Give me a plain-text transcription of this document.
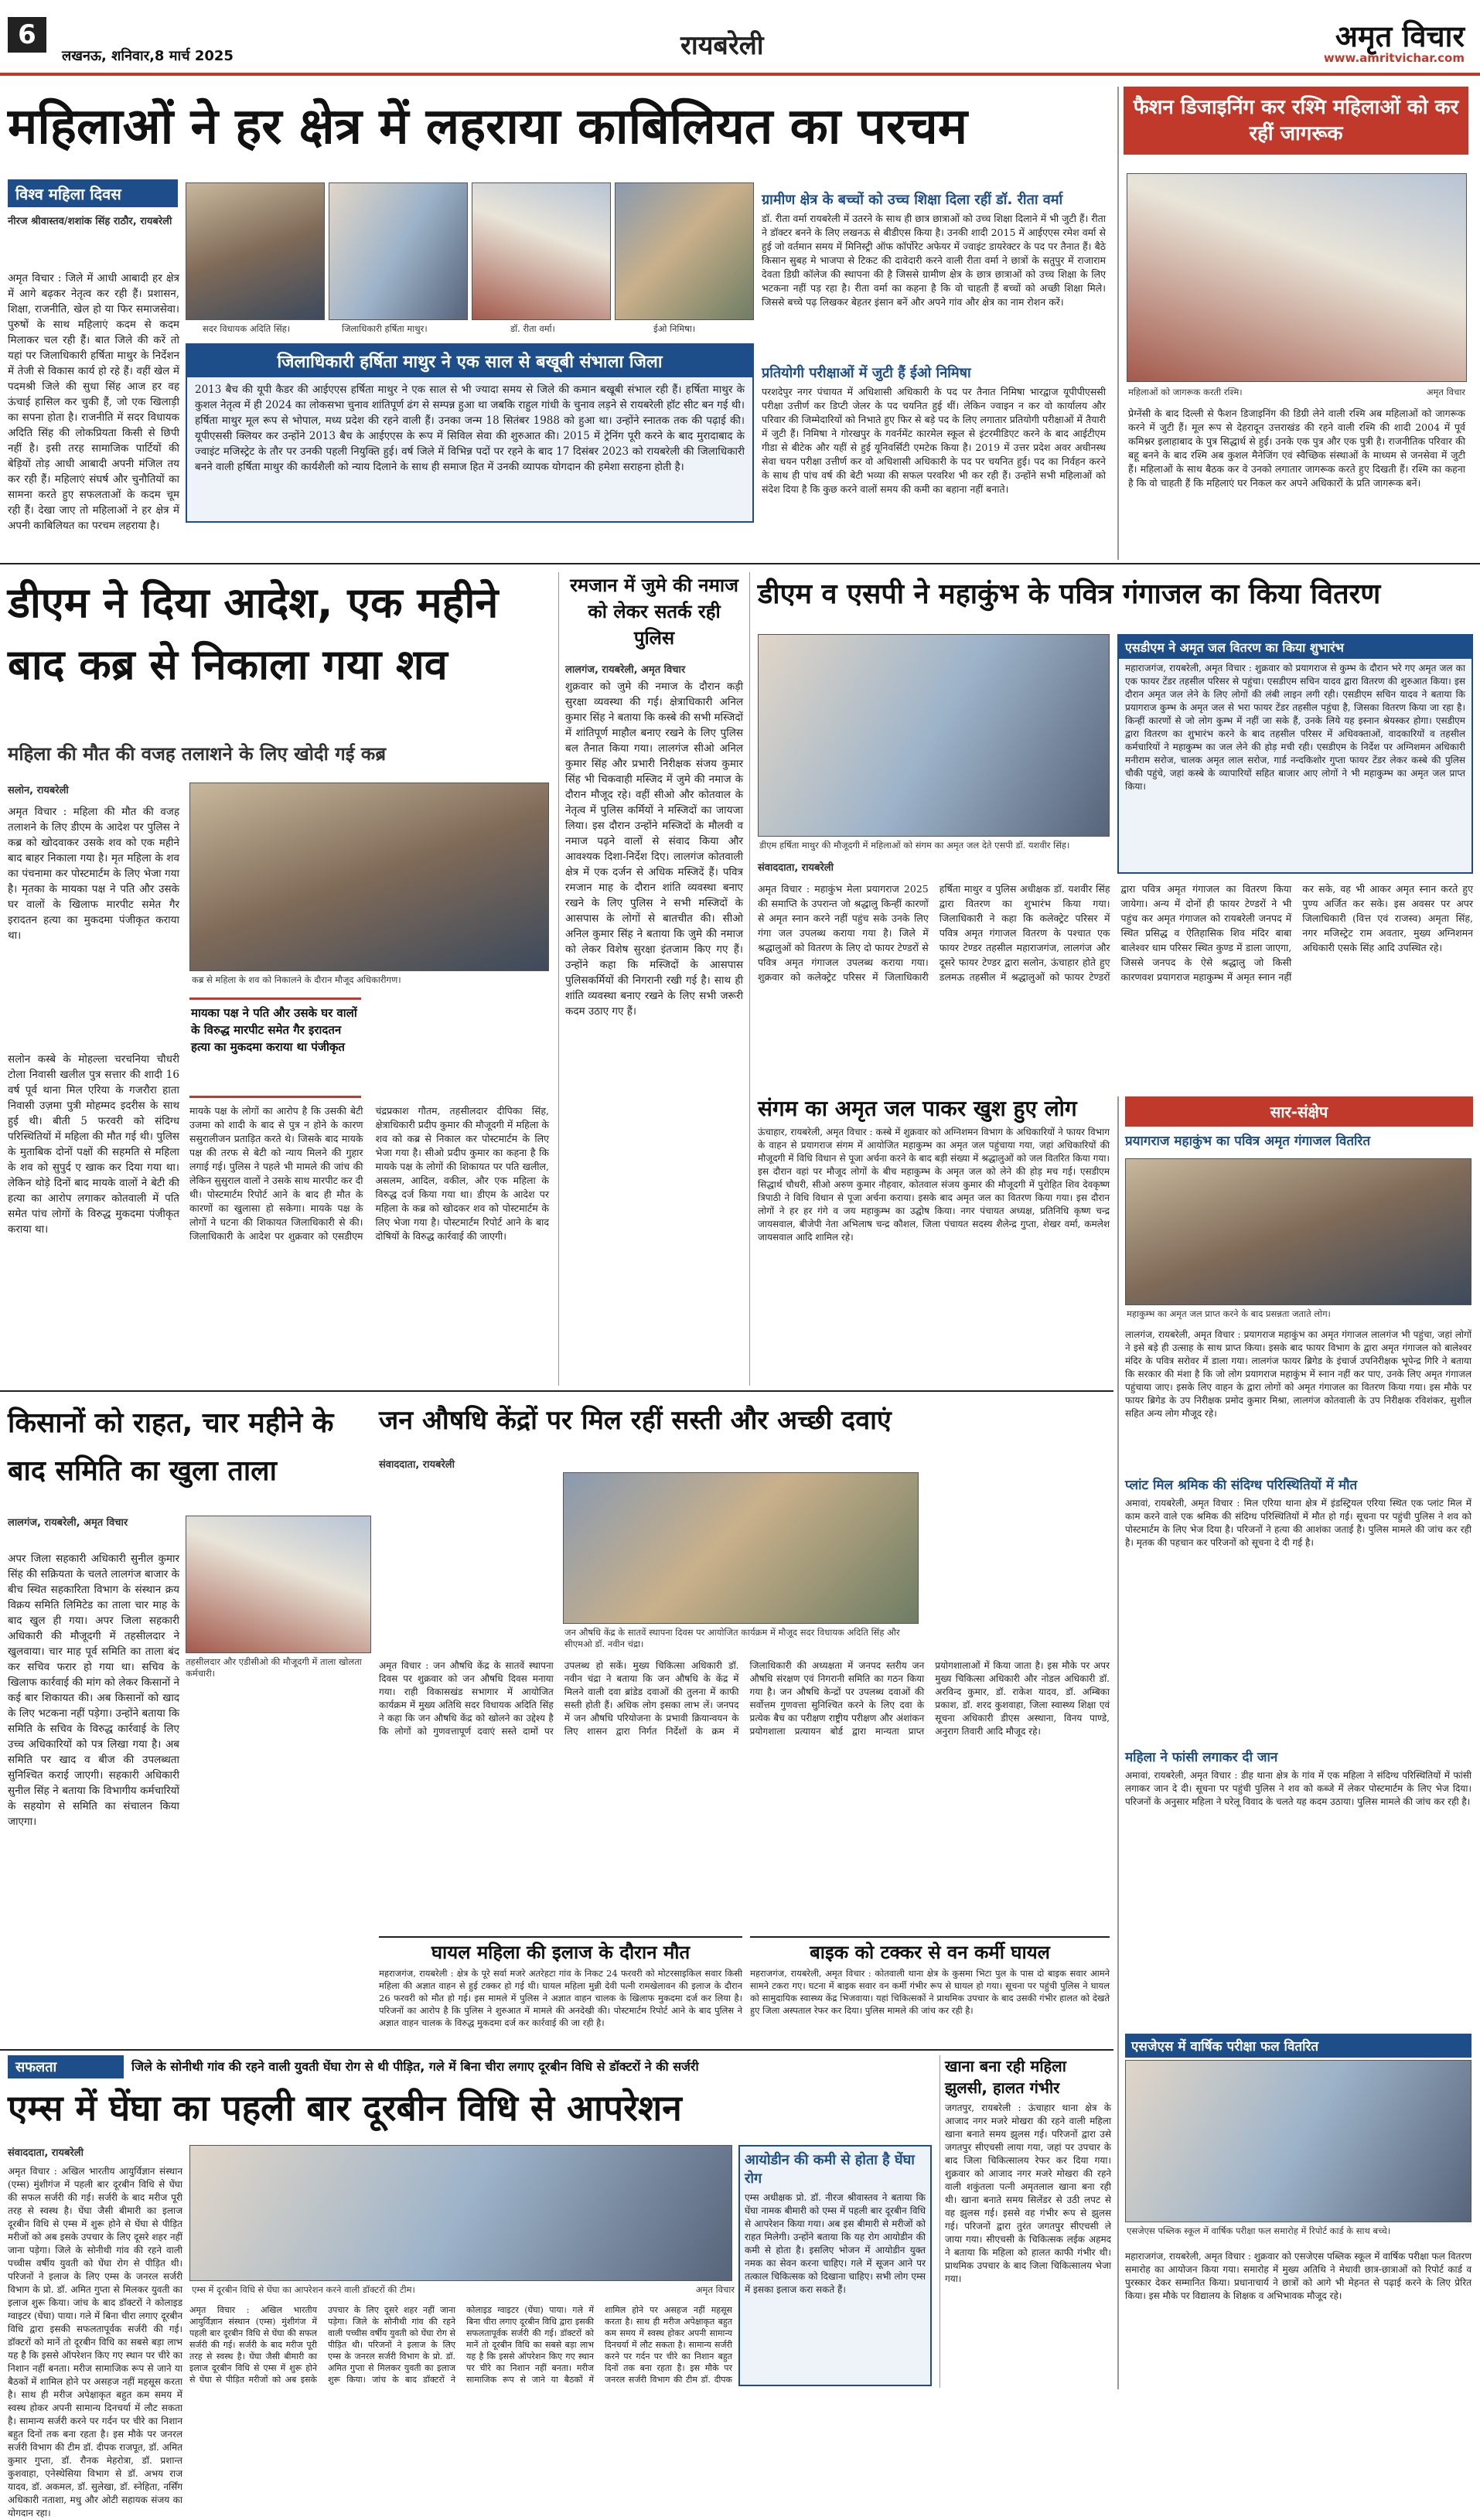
6
लखनऊ, शनिवार,8 मार्च 2025	रायबरेली	अमृत विचार
www.amritvichar.com
महिलाओं ने हर क्षेत्र में लहराया काबिलियत का परचम
विश्व महिला दिवस
नीरज श्रीवास्तव/शशांक सिंह राठौर, रायबरेली
अमृत विचार : जिले में आधी आबादी हर क्षेत्र में आगे बढ़कर नेतृत्व कर रही हैं। प्रशासन, शिक्षा, राजनीति, खेल हो या फिर समाजसेवा। पुरुषों के साथ महिलाएं कदम से कदम मिलाकर चल रही हैं। बात जिले की करें तो यहां पर जिलाधिकारी हर्षिता माथुर के निर्देशन में तेजी से विकास कार्य हो रहे हैं। वहीं खेल में पदमश्री जिले की सुधा सिंह आज हर वह ऊंचाई हासिल कर चुकी हैं, जो एक खिलाड़ी का सपना होता है। राजनीति में सदर विधायक अदिति सिंह की लोकप्रियता किसी से छिपी नहीं है। इसी तरह सामाजिक पार्टियों की बेड़ियों तोड़ आधी आबादी अपनी मंजिल तय कर रही हैं। महिलाएं संघर्ष और चुनौतियों का सामना करते हुए सफलताओं के कदम चूम रही हैं। देखा जाए तो महिलाओं ने हर क्षेत्र में अपनी काबिलियत का परचम लहराया है।
सदर विधायक अदिति सिंह।	जिलाधिकारी हर्षिता माथुर।	डॉ. रीता वर्मा।	ईओ निमिषा।
जिलाधिकारी हर्षिता माथुर ने एक साल से बखूबी संभाला जिला
2013 बैच की यूपी कैडर की आईएएस हर्षिता माथुर ने एक साल से भी ज्यादा समय से जिले की कमान बखूबी संभाल रही हैं। हर्षिता माथुर के कुशल नेतृत्व में ही 2024 का लोकसभा चुनाव शांतिपूर्ण ढंग से सम्पन्न हुआ था जबकि राहुल गांधी के चुनाव लड़ने से रायबरेली हॉट सीट बन गई थी। हर्षिता माथुर मूल रूप से भोपाल, मध्य प्रदेश की रहने वाली हैं। उनका जन्म 18 सितंबर 1988 को हुआ था। उन्होंने स्नातक तक की पढ़ाई की। यूपीएससी क्लियर कर उन्होंने 2013 बैच के आईएएस के रूप में सिविल सेवा की शुरुआत की। 2015 में ट्रेनिंग पूरी करने के बाद मुरादाबाद के ज्वाइंट मजिस्ट्रेट के तौर पर उनकी पहली नियुक्ति हुई। वर्ष जिले में विभिन्न पदों पर रहने के बाद 17 दिसंबर 2023 को रायबरेली की जिलाधिकारी बनने वाली हर्षिता माथुर की कार्यशैली को न्याय दिलाने के साथ ही समाज हित में उनकी व्यापक योगदान की हमेशा सराहना होती है।
ग्रामीण क्षेत्र के बच्चों को उच्च शिक्षा दिला रहीं डॉ. रीता वर्मा
डॉ. रीता वर्मा रायबरेली में उतरने के साथ ही छात्र छात्राओं को उच्च शिक्षा दिलाने में भी जुटी हैं। रीता ने डॉक्टर बनने के लिए लखनऊ से बीडीएस किया है। उनकी शादी 2015 में आईएएस रमेश वर्मा से हुई जो वर्तमान समय में मिनिस्ट्री ऑफ कॉर्पोरेट अफेयर में ज्वाइंट डायरेक्टर के पद पर तैनात हैं। बैठे किसान सुबह मे भाजपा से टिकट की दावेदारी करने वाली रीता वर्मा ने छात्रों के सतुपुर में राजाराम देवता डिग्री कॉलेज की स्थापना की है जिससे ग्रामीण क्षेत्र के छात्र छात्राओं को उच्च शिक्षा के लिए भटकना नहीं पड़ रहा है। रीता वर्मा का कहना है कि वो चाहती हैं बच्चों को अच्छी शिक्षा मिले। जिससे बच्चे पढ़ लिखकर बेहतर इंसान बनें और अपने गांव और क्षेत्र का नाम रोशन करें।
प्रतियोगी परीक्षाओं में जुटी हैं ईओ निमिषा
परशदेपुर नगर पंचायत में अधिशासी अधिकारी के पद पर तैनात निमिषा भारद्वाज यूपीपीएससी परीक्षा उत्तीर्ण कर डिप्टी जेलर के पद चयनित हुई थीं। लेकिन ज्वाइन न कर वो कार्यालय और परिवार की जिम्मेदारियों को निभाते हुए फिर से बड़े पद के लिए लगातार प्रतियोगी परीक्षाओं में तैयारी में जुटी हैं। निमिषा ने गोरखपुर के गवर्नमेंट कारमेल स्कूल से इंटरमीडिएट करने के बाद आईटीएम गीडा से बीटेक और यहीं से हुई यूनिवर्सिटी एमटेक किया है। 2019 में उत्तर प्रदेश अवर अधीनस्थ सेवा चयन परीक्षा उत्तीर्ण कर वो अधिशासी अधिकारी के पद पर चयनित हुई। पद का निर्वहन करने के साथ ही पांच वर्ष की बेटी भव्या की सफल परवरिश भी कर रही हैं। उन्होंने सभी महिलाओं को संदेश दिया है कि कुछ करने वालों समय की कमी का बहाना नहीं बनाते।
फैशन डिजाइनिंग कर रश्मि महिलाओं को कर रहीं जागरूक
महिलाओं को जागरूक करती रश्मि।	अमृत विचार
प्रेग्नेंसी के बाद दिल्ली से फैशन डिजाइनिंग की डिग्री लेने वाली रश्मि अब महिलाओं को जागरूक करने में जुटी हैं। मूल रूप से देहरादून उत्तराखंड की रहने वाली रश्मि की शादी 2004 में पूर्व कमिश्नर इलाहाबाद के पुत्र सिद्धार्थ से हुई। उनके एक पुत्र और एक पुत्री है। राजनीतिक परिवार की बहू बनने के बाद रश्मि अब कुशल मैनेजिंग एवं स्वैच्छिक संस्थाओं के माध्यम से जनसेवा में जुटी हैं। महिलाओं के साथ बैठक कर वे उनको लगातार जागरूक करते हुए दिखती हैं। रश्मि का कहना है कि वो चाहती हैं कि महिलाएं घर निकल कर अपने अधिकारों के प्रति जागरूक बनें।
डीएम ने दिया आदेश, एक महीने बाद कब्र से निकाला गया शव
महिला की मौत की वजह तलाशने के लिए खोदी गई कब्र
सलोन, रायबरेली
अमृत विचार : महिला की मौत की वजह तलाशने के लिए डीएम के आदेश पर पुलिस ने कब्र को खोदवाकर उसके शव को एक महीने बाद बाहर निकाला गया है। मृत महिला के शव का पंचनामा कर पोस्टमार्टम के लिए भेजा गया है। मृतका के मायका पक्ष ने पति और उसके घर वालों के खिलाफ मारपीट समेत गैर इरादतन हत्या का मुकदमा पंजीकृत कराया था।
कब्र से महिला के शव को निकालने के दौरान मौजूद अधिकारीगण।
सलोन कस्बे के मोहल्ला चरचनिया चौधरी टोला निवासी खलील पुत्र सत्तार की शादी 16 वर्ष पूर्व थाना मिल एरिया के गजरौरा हाता निवासी उज़मा पुत्री मोहम्मद इदरीस के साथ हुई थी। बीती 5 फरवरी को संदिग्ध परिस्थितियों में महिला की मौत गई थी। पुलिस के मुताबिक दोनों पक्षों की सहमति से महिला के शव को सुपुर्द ए खाक कर दिया गया था। लेकिन थोड़े दिनों बाद मायके वालों ने बेटी की हत्या का आरोप लगाकर कोतवाली में पति समेत पांच लोगों के विरुद्ध मुकदमा पंजीकृत कराया था।
मायका पक्ष ने पति और उसके घर वालों के विरुद्ध मारपीट समेत गैर इरादतन हत्या का मुकदमा कराया था पंजीकृत
मायके पक्ष के लोगों का आरोप है कि उसकी बेटी उजमा को शादी के बाद से पुत्र न होने के कारण ससुरालीजन प्रताड़ित करते थे। जिसके बाद मायके पक्ष की तरफ से बेटी को न्याय मिलने की गुहार लगाई गई। पुलिस ने पहले भी मामले की जांच की लेकिन सुसुराल वालों ने उसके साथ मारपीट कर दी थी। पोस्टमार्टम रिपोर्ट आने के बाद ही मौत के कारणों का खुलासा हो सकेगा। मायके पक्ष के लोगों ने घटना की शिकायत जिलाधिकारी से की। जिलाधिकारी के आदेश पर शुक्रवार को एसडीएम चंद्रप्रकाश गौतम, तहसीलदार दीपिका सिंह, क्षेत्राधिकारी प्रदीप कुमार की मौजूदगी में महिला के शव को कब्र से निकाल कर पोस्टमार्टम के लिए भेजा गया है। सीओ प्रदीप कुमार का कहना है कि मायके पक्ष के लोगों की शिकायत पर पति खलील, असलम, आदिल, वकील, और एक महिला के विरुद्ध दर्ज किया गया था। डीएम के आदेश पर महिला के कब्र को खोदकर शव को पोस्टमार्टम के लिए भेजा गया है। पोस्टमार्टम रिपोर्ट आने के बाद दोषियों के विरुद्ध कार्रवाई की जाएगी।
रमजान में जुमे की नमाज को लेकर सतर्क रही पुलिस
लालगंज, रायबरेली, अमृत विचार
शुक्रवार को जुमे की नमाज के दौरान कड़ी सुरक्षा व्यवस्था की गई। क्षेत्राधिकारी अनिल कुमार सिंह ने बताया कि कस्बे की सभी मस्जिदों में शांतिपूर्ण माहौल बनाए रखने के लिए पुलिस बल तैनात किया गया। लालगंज सीओ अनिल कुमार सिंह और प्रभारी निरीक्षक संजय कुमार सिंह भी चिकवाही मस्जिद में जुमे की नमाज के दौरान मौजूद रहे। वहीं सीओ और कोतवाल के नेतृत्व में पुलिस कर्मियों ने मस्जिदों का जायजा लिया। इस दौरान उन्होंने मस्जिदों के मौलवी व नमाज पढ़ने वालों से संवाद किया और आवश्यक दिशा-निर्देश दिए। लालगंज कोतवाली क्षेत्र में एक दर्जन से अधिक मस्जिदें हैं। पवित्र रमजान माह के दौरान शांति व्यवस्था बनाए रखने के लिए पुलिस ने सभी मस्जिदों के आसपास के लोगों से बातचीत की। सीओ अनिल कुमार सिंह ने बताया कि जुमे की नमाज को लेकर विशेष सुरक्षा इंतजाम किए गए हैं। उन्होंने कहा कि मस्जिदों के आसपास पुलिसकर्मियों की निगरानी रखी गई है। साथ ही शांति व्यवस्था बनाए रखने के लिए सभी जरूरी कदम उठाए गए हैं।
डीएम व एसपी ने महाकुंभ के पवित्र गंगाजल का किया वितरण
डीएम हर्षिता माथुर की मौजूदगी में महिलाओं को संगम का अमृत जल देते एसपी डॉ. यशवीर सिंह।
संवाददाता, रायबरेली
अमृत विचार : महाकुंभ मेला प्रयागराज 2025 की समाप्ति के उपरान्त जो श्रद्धालु किन्हीं कारणों से अमृत स्नान करने नहीं पहुंच सके उनके लिए गंगा जल उपलब्ध कराया गया है। जिले में श्रद्धालुओं को वितरण के लिए दो फायर टेण्डरों से पवित्र अमृत गंगाजल उपलब्ध कराया गया। शुक्रवार को कलेक्ट्रेट परिसर में जिलाधिकारी हर्षिता माथुर व पुलिस अधीक्षक डॉ. यशवीर सिंह द्वारा वितरण का शुभारंभ किया गया। जिलाधिकारी ने कहा कि कलेक्ट्रेट परिसर में पवित्र अमृत गंगाजल वितरण के पश्चात एक फायर टेण्डर तहसील महाराजगंज, लालगंज और दूसरे फायर टेण्डर द्वारा सलोन, ऊंचाहार होते हुए डलमऊ तहसील में श्रद्धालुओं को फायर टेण्डरों द्वारा पवित्र अमृत गंगाजल का वितरण किया जायेगा। अन्य में दोनों ही फायर टेण्डरों ने भी पहुंच कर अमृत गंगाजल को रायबरेली जनपद में स्थित प्रसिद्ध व ऐतिहासिक शिव मंदिर बाबा बालेश्वर धाम परिसर स्थित कुण्ड में डाला जाएगा, जिससे जनपद के ऐसे श्रद्धालु जो किसी कारणवश प्रयागराज महाकुम्भ में अमृत स्नान नहीं कर सके, वह भी आकर अमृत स्नान करते हुए पुण्य अर्जित कर सके। इस अवसर पर अपर जिलाधिकारी (वित्त एवं राजस्व) अमृता सिंह, नगर मजिस्ट्रेट राम अवतार, मुख्य अग्निशमन अधिकारी एसके सिंह आदि उपस्थित रहे।
एसडीएम ने अमृत जल वितरण का किया शुभारंभ
महाराजगंज, रायबरेली, अमृत विचार : शुक्रवार को प्रयागराज से कुम्भ के दौरान भरे गए अमृत जल का एक फायर टेंडर तहसील परिसर से पहुंचा। एसडीएम सचिन यादव द्वारा वितरण की शुरुआत किया। इस दौरान अमृत जल लेने के लिए लोगों की लंबी लाइन लगी रही। एसडीएम सचिन यादव ने बताया कि प्रयागराज कुम्भ के अमृत जल से भरा फायर टेंडर तहसील पहुंचा है, जिसका वितरण किया जा रहा है। किन्हीं कारणों से जो लोग कुम्भ में नहीं जा सके हैं, उनके लिये यह इस्नान श्रेयस्कर होगा। एसडीएम द्वारा वितरण का शुभारंभ करने के बाद तहसील परिसर में अधिवक्ताओं, वादकारियों व तहसील कर्मचारियों ने महाकुम्भ का जल लेने की होड़ मची रही। एसडीएम के निर्देश पर अग्निशमन अधिकारी मनीराम सरोज, चालक अमृत लाल सरोज, गार्ड नन्दकिशोर गुप्ता फायर टेंडर लेकर कस्बे की पुलिस चौकी पहुंचे, जहां कस्बे के व्यापारियों सहित बाजार आए लोगों ने भी महाकुम्भ का अमृत जल प्राप्त किया।
संगम का अमृत जल पाकर खुश हुए लोग
ऊंचाहार, रायबरेली, अमृत विचार : कस्बे में शुक्रवार को अग्निशमन विभाग के अधिकारियों ने फायर विभाग के वाहन से प्रयागराज संगम में आयोजित महाकुम्भ का अमृत जल पहुंचाया गया, जहां अधिकारियों की मौजूदगी में विधि विधान से पूजा अर्चना करने के बाद बड़ी संख्या में श्रद्धालुओं को जल वितरित किया गया। इस दौरान वहां पर मौजूद लोगों के बीच महाकुम्भ के अमृत जल को लेने की होड़ मच गई। एसडीएम सिद्धार्थ चौधरी, सीओ अरुण कुमार नौहवार, कोतवाल संजय कुमार की मौजूदगी में पुरोहित शिव देवकृष्ण त्रिपाठी ने विधि विधान से पूजा अर्चना कराया। इसके बाद अमृत जल का वितरण किया गया। इस दौरान लोगों ने हर हर गंगे व जय महाकुम्भ का उद्घोष किया। नगर पंचायत अध्यक्ष, प्रतिनिधि कृष्ण चन्द्र जायसवाल, बीजेपी नेता अभिलाष चन्द्र कौशल, जिला पंचायत सदस्य शैलेन्द्र गुप्ता, शेखर वर्मा, कमलेश जायसवाल आदि शामिल रहे।
सार-संक्षेप
प्रयागराज महाकुंभ का पवित्र अमृत गंगाजल वितरित
महाकुम्भ का अमृत जल प्राप्त करने के बाद प्रसन्नता जताते लोग।
लालगंज, रायबरेली, अमृत विचार : प्रयागराज महाकुंभ का अमृत गंगाजल लालगंज भी पहुंचा, जहां लोगों ने इसे बड़े ही उत्साह के साथ प्राप्त किया। इसके बाद फायर विभाग के द्वारा अमृत गंगाजल को बालेश्वर मंदिर के पवित्र सरोवर में डाला गया। लालगंज फायर ब्रिगेड के इंचार्ज उपनिरीक्षक भूपेन्द्र गिरि ने बताया कि सरकार की मंशा है कि जो लोग प्रयागराज महाकुंभ में स्नान नहीं कर पाए, उनके लिए अमृत गंगाजल पहुंचाया जाए। इसके लिए वाहन के द्वारा लोगों को अमृत गंगाजल का वितरण किया गया। इस मौके पर फायर ब्रिगेड के उप निरीक्षक प्रमोद कुमार मिश्रा, लालगंज कोतवाली के उप निरीक्षक रविशंकर, सुशील सहित अन्य लोग मौजूद रहे।
प्लांट मिल श्रमिक की संदिग्ध परिस्थितियों में मौत
अमावां, रायबरेली, अमृत विचार : मिल एरिया थाना क्षेत्र में इंडस्ट्रियल एरिया स्थित एक प्लांट मिल में काम करने वाले एक श्रमिक की संदिग्ध परिस्थितियों में मौत हो गई। सूचना पर पहुंची पुलिस ने शव को पोस्टमार्टम के लिए भेज दिया है। परिजनों ने हत्या की आशंका जताई है। पुलिस मामले की जांच कर रही है। मृतक की पहचान कर परिजनों को सूचना दे दी गई है।
महिला ने फांसी लगाकर दी जान
अमावां, रायबरेली, अमृत विचार : डीह थाना क्षेत्र के गांव में एक महिला ने संदिग्ध परिस्थितियों में फांसी लगाकर जान दे दी। सूचना पर पहुंची पुलिस ने शव को कब्जे में लेकर पोस्टमार्टम के लिए भेज दिया। परिजनों के अनुसार महिला ने घरेलू विवाद के चलते यह कदम उठाया। पुलिस मामले की जांच कर रही है।
एसजेएस में वार्षिक परीक्षा फल वितरित
एसजेएस पब्लिक स्कूल में वार्षिक परीक्षा फल समारोह में रिपोर्ट कार्ड के साथ बच्चे।
महाराजगंज, रायबरेली, अमृत विचार : शुक्रवार को एसजेएस पब्लिक स्कूल में वार्षिक परीक्षा फल वितरण समारोह का आयोजन किया गया। समारोह में मुख्य अतिथि ने मेधावी छात्र-छात्राओं को रिपोर्ट कार्ड व पुरस्कार देकर सम्मानित किया। प्रधानाचार्य ने छात्रों को आगे भी मेहनत से पढ़ाई करने के लिए प्रेरित किया। इस मौके पर विद्यालय के शिक्षक व अभिभावक मौजूद रहे।
किसानों को राहत, चार महीने के बाद समिति का खुला ताला
लालगंज, रायबरेली, अमृत विचार
तहसीलदार और एडीसीओ की मौजूदगी में ताला खोलता कर्मचारी।
अपर जिला सहकारी अधिकारी सुनील कुमार सिंह की सक्रियता के चलते लालगंज बाजार के बीच स्थित सहकारिता विभाग के संस्थान क्रय विक्रय समिति लिमिटेड का ताला चार माह के बाद खुल ही गया। अपर जिला सहकारी अधिकारी की मौजूदगी में तहसीलदार ने खुलवाया। चार माह पूर्व समिति का ताला बंद कर सचिव फरार हो गया था। सचिव के खिलाफ कार्रवाई की मांग को लेकर किसानों ने कई बार शिकायत की। अब किसानों को खाद के लिए भटकना नहीं पड़ेगा। उन्होंने बताया कि समिति के सचिव के विरुद्ध कार्रवाई के लिए उच्च अधिकारियों को पत्र लिखा गया है। अब समिति पर खाद व बीज की उपलब्धता सुनिश्चित कराई जाएगी। सहकारी अधिकारी सुनील सिंह ने बताया कि विभागीय कर्मचारियों के सहयोग से समिति का संचालन किया जाएगा।
जन औषधि केंद्रों पर मिल रहीं सस्ती और अच्छी दवाएं
संवाददाता, रायबरेली
जन औषधि केंद्र के सातवें स्थापना दिवस पर आयोजित कार्यक्रम में मौजूद सदर विधायक अदिति सिंह और सीएमओ डॉ. नवीन चंद्रा।
अमृत विचार : जन औषधि केंद्र के सातवें स्थापना दिवस पर शुक्रवार को जन औषधि दिवस मनाया गया। राही विकासखंड सभागार में आयोजित कार्यक्रम में मुख्य अतिथि सदर विधायक अदिति सिंह ने कहा कि जन औषधि केंद्र को खोलने का उद्देश्य है कि लोगों को गुणवत्तापूर्ण दवाएं सस्ते दामों पर उपलब्ध हो सकें। मुख्य चिकित्सा अधिकारी डॉ. नवीन चंद्रा ने बताया कि जन औषधि के केंद्र में मिलने वाली दवा ब्रांडेड दवाओं की तुलना में काफी सस्ती होती हैं। अधिक लोग इसका लाभ लें। जनपद में जन औषधि परियोजना के प्रभावी क्रियान्वयन के लिए शासन द्वारा निर्गत निर्देशों के क्रम में जिलाधिकारी की अध्यक्षता में जनपद स्तरीय जन औषधि संरक्षण एवं निगरानी समिति का गठन किया गया है। जन औषधि केन्द्रों पर उपलब्ध दवाओं की सर्वोत्तम गुणवत्ता सुनिश्चित करने के लिए दवा के प्रत्येक बैच का परीक्षण राष्ट्रीय परीक्षण और अंशांकन प्रयोगशाला प्रत्यायन बोर्ड द्वारा मान्यता प्राप्त प्रयोगशालाओं में किया जाता है। इस मौके पर अपर मुख्य चिकित्सा अधिकारी और नोडल अधिकारी डॉ. अरविन्द कुमार, डॉ. राकेश यादव, डॉ. अम्बिका प्रकाश, डॉ. शरद कुशवाहा, जिला स्वास्थ्य शिक्षा एवं सूचना अधिकारी डीएस अस्थाना, विनय पाण्डे, अनुराग तिवारी आदि मौजूद रहे।
घायल महिला की इलाज के दौरान मौत
महराजगंज, रायबरेली : क्षेत्र के पूरे सर्वा मजरे अतरेहटा गांव के निकट 24 फरवरी को मोटरसाइकिल सवार किसी महिला की अज्ञात वाहन से हुई टक्कर हो गई थी। घायल महिला मुन्नी देवी पत्नी रामखेलावन की इलाज के दौरान 26 फरवरी को मौत हो गई। इस मामले में पुलिस ने अज्ञात वाहन चालक के खिलाफ मुकदमा दर्ज कर लिया है। परिजनों का आरोप है कि पुलिस ने शुरुआत में मामले की अनदेखी की। पोस्टमार्टम रिपोर्ट आने के बाद पुलिस ने अज्ञात वाहन चालक के विरुद्ध मुकदमा दर्ज कर कार्रवाई की जा रही है।
बाइक को टक्कर से वन कर्मी घायल
महराजगंज, रायबरेली, अमृत विचार : कोतवाली थाना क्षेत्र के कुसमा भिटा पुल के पास दो बाइक सवार आमने सामने टकरा गए। घटना में बाइक सवार वन कर्मी गंभीर रूप से घायल हो गया। सूचना पर पहुंची पुलिस ने घायल को सामुदायिक स्वास्थ्य केंद्र भिजवाया। यहां चिकित्सकों ने प्राथमिक उपचार के बाद उसकी गंभीर हालत को देखते हुए जिला अस्पताल रेफर कर दिया। पुलिस मामले की जांच कर रही है।
सफलता	जिले के सोनीथी गांव की रहने वाली युवती घेंघा रोग से थी पीड़ित, गले में बिना चीरा लगाए दूरबीन विधि से डॉक्टरों ने की सर्जरी
एम्स में घेंघा का पहली बार दूरबीन विधि से आपरेशन
संवाददाता, रायबरेली
एम्स में दूरबीन विधि से घेंघा का आपरेशन करने वाली डॉक्टरों की टीम।	अमृत विचार
अमृत विचार : अखिल भारतीय आयुर्विज्ञान संस्थान (एम्स) मुंशीगंज में पहली बार दूरबीन विधि से घेंघा की सफल सर्जरी की गई। सर्जरी के बाद मरीज पूरी तरह से स्वस्थ है। घेंघा जैसी बीमारी का इलाज दूरबीन विधि से एम्स में शुरू होने से घेंघा से पीड़ित मरीजों को अब इसके उपचार के लिए दूसरे शहर नहीं जाना पड़ेगा। जिले के सोनीथी गांव की रहने वाली पच्चीस वर्षीय युवती को घेंघा रोग से पीड़ित थी। परिजनों ने इलाज के लिए एम्स के जनरल सर्जरी विभाग के प्रो. डॉ. अमित गुप्ता से मिलकर युवती का इलाज शुरू किया। जांच के बाद डॉक्टरों ने कोलाइड ग्वाइटर (घेंघा) पाया। गले में बिना चीरा लगाए दूरबीन विधि द्वारा इसकी सफलतापूर्वक सर्जरी की गई। डॉक्टरों को मानें तो दूरबीन विधि का सबसे बड़ा लाभ यह है कि इससे ऑपरेशन किए गए स्थान पर चीरे का निशान नहीं बनता। मरीज सामाजिक रूप से जाने या बैठकों में शामिल होने पर असहज नहीं महसूस करता है। साथ ही मरीज अपेक्षाकृत बहुत कम समय में स्वस्थ होकर अपनी सामान्य दिनचर्या में लौट सकता है। सामान्य सर्जरी करने पर गर्दन पर चीरे का निशान बहुत दिनों तक बना रहता है। इस मौके पर जनरल सर्जरी विभाग की टीम डॉ. दीपक राजपूत, डॉ. अमित कुमार गुप्ता, डॉ. रौनक मेहरोत्रा, डॉ. प्रशान्त कुशवाहा, एनेस्थेसिया विभाग से डॉ. अभय राज यादव, डॉ. अकमल, डॉ. सुलेखा, डॉ. स्नेहिता, नर्सिंग अधिकारी नताशा, मधु और ओटी सहायक संजय का योगदान रहा।
अमृत विचार : अखिल भारतीय आयुर्विज्ञान संस्थान (एम्स) मुंशीगंज में पहली बार दूरबीन विधि से घेंघा की सफल सर्जरी की गई। सर्जरी के बाद मरीज पूरी तरह से स्वस्थ है। घेंघा जैसी बीमारी का इलाज दूरबीन विधि से एम्स में शुरू होने से घेंघा से पीड़ित मरीजों को अब इसके उपचार के लिए दूसरे शहर नहीं जाना पड़ेगा। जिले के सोनीथी गांव की रहने वाली पच्चीस वर्षीय युवती को घेंघा रोग से पीड़ित थी। परिजनों ने इलाज के लिए एम्स के जनरल सर्जरी विभाग के प्रो. डॉ. अमित गुप्ता से मिलकर युवती का इलाज शुरू किया। जांच के बाद डॉक्टरों ने कोलाइड ग्वाइटर (घेंघा) पाया। गले में बिना चीरा लगाए दूरबीन विधि द्वारा इसकी सफलतापूर्वक सर्जरी की गई। डॉक्टरों को मानें तो दूरबीन विधि का सबसे बड़ा लाभ यह है कि इससे ऑपरेशन किए गए स्थान पर चीरे का निशान नहीं बनता। मरीज सामाजिक रूप से जाने या बैठकों में शामिल होने पर असहज नहीं महसूस करता है। साथ ही मरीज अपेक्षाकृत बहुत कम समय में स्वस्थ होकर अपनी सामान्य दिनचर्या में लौट सकता है। सामान्य सर्जरी करने पर गर्दन पर चीरे का निशान बहुत दिनों तक बना रहता है। इस मौके पर जनरल सर्जरी विभाग की टीम डॉ. दीपक
आयोडीन की कमी से होता है घेंघा रोग
एम्स अधीक्षक प्रो. डॉ. नीरज श्रीवास्तव ने बताया कि घेंघा नामक बीमारी को एम्स में पहली बार दूरबीन विधि से आपरेशन किया गया। अब इस बीमारी से मरीजों को राहत मिलेगी। उन्होंने बताया कि यह रोग आयोडीन की कमी से होता है। इसलिए भोजन में आयोडीन युक्त नमक का सेवन करना चाहिए। गले में सूजन आने पर तत्काल चिकित्सक को दिखाना चाहिए। सभी लोग एम्स में इसका इलाज करा सकते हैं।
खाना बना रही महिला झुलसी, हालत गंभीर
जगतपुर, रायबरेली : ऊंचाहार थाना क्षेत्र के आजाद नगर मजरे मोखरा की रहने वाली महिला खाना बनाते समय झुलस गई। परिजनों द्वारा उसे जगतपुर सीएचसी लाया गया, जहां पर उपचार के बाद जिला चिकित्सालय रेफर कर दिया गया। शुक्रवार को आजाद नगर मजरे मोखरा की रहने वाली शकुंतला पत्नी अमृतलाल खाना बना रही थी। खाना बनाते समय सिलेंडर से उठी लपट से वह झुलस गई। इससे वह गंभीर रूप से झुलस गई। परिजनों द्वारा तुरंत जगतपुर सीएचसी ले जाया गया। सीएचसी के चिकित्सक लईक अहमद ने बताया कि महिला को हालत काफी गंभीर थी। प्राथमिक उपचार के बाद जिला चिकित्सालय भेजा गया।
